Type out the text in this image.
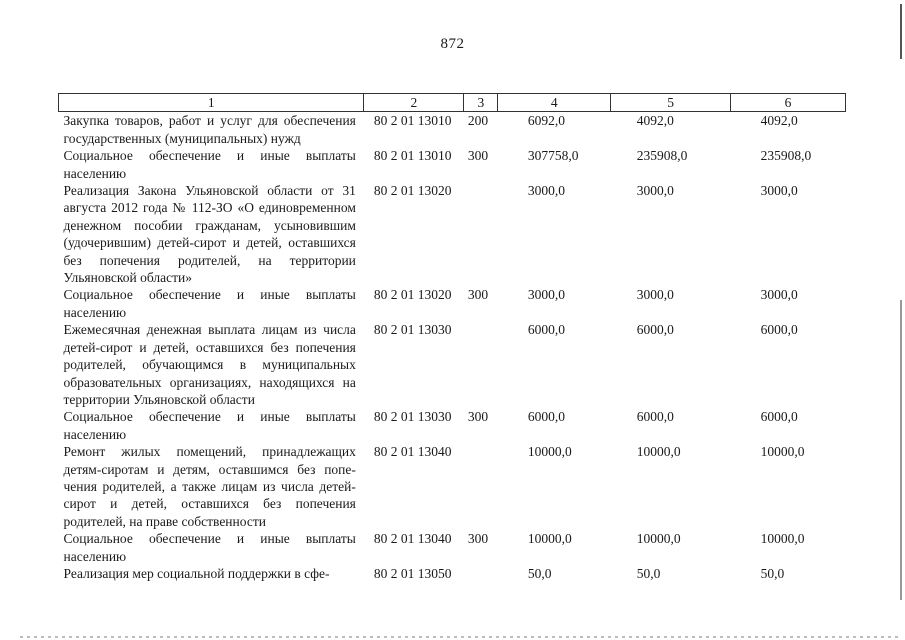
872
1	2	3	4	5	6
Закупка товаров, работ и услуг для обеспечения государственных (муниципальных) нужд	80 2 01 13010	200	6092,0	4092,0	4092,0
Социальное обеспечение и иные выплаты населению	80 2 01 13010	300	307758,0	235908,0	235908,0
Реализация Закона Ульяновской области от 31 августа 2012 года № 112-ЗО «О единовременном денежном пособии гражданам, усыновившим (удочерившим) детей-сирот и детей, оставшихся без попечения родителей, на территории Ульяновской области»	80 2 01 13020		3000,0	3000,0	3000,0
Социальное обеспечение и иные выплаты населению	80 2 01 13020	300	3000,0	3000,0	3000,0
Ежемесячная денежная выплата лицам из числа детей-сирот и детей, оставшихся без попечения родителей, обучающимся в муниципальных образовательных организациях, находящихся на территории Ульяновской области	80 2 01 13030		6000,0	6000,0	6000,0
Социальное обеспечение и иные выплаты населению	80 2 01 13030	300	6000,0	6000,0	6000,0
Ремонт жилых помещений, принадлежащих детям-сиротам и детям, оставшимся без попечения родителей, а также лицам из числа детей-сирот и детей, оставшихся без попечения родителей, на праве собственности	80 2 01 13040		10000,0	10000,0	10000,0
Социальное обеспечение и иные выплаты населению	80 2 01 13040	300	10000,0	10000,0	10000,0
Реализация мер социальной поддержки в сфе-	80 2 01 13050		50,0	50,0	50,0
